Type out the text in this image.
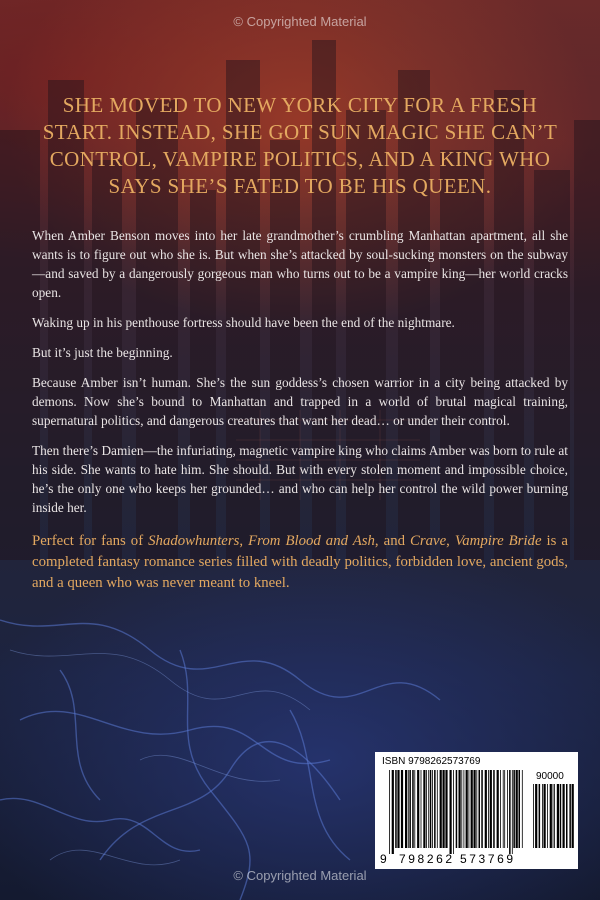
© Copyrighted Material
SHE MOVED TO NEW YORK CITY FOR A FRESH START. INSTEAD, SHE GOT SUN MAGIC SHE CAN’T CONTROL, VAMPIRE POLITICS, AND A KING WHO SAYS SHE’S FATED TO BE HIS QUEEN.

When Amber Benson moves into her late grandmother’s crumbling Manhattan apartment, all she wants is to figure out who she is. But when she’s attacked by soul-sucking monsters on the subway—and saved by a dangerously gorgeous man who turns out to be a vampire king—her world cracks open.

Waking up in his penthouse fortress should have been the end of the nightmare.

But it’s just the beginning.

Because Amber isn’t human. She’s the sun goddess’s chosen warrior in a city being attacked by demons. Now she’s bound to Manhattan and trapped in a world of brutal magical training, supernatural politics, and dangerous creatures that want her dead… or under their control.

Then there’s Damien—the infuriating, magnetic vampire king who claims Amber was born to rule at his side. She wants to hate him. She should. But with every stolen moment and impossible choice, he’s the only one who keeps her grounded… and who can help her control the wild power burning inside her.

Perfect for fans of Shadowhunters, From Blood and Ash, and Crave, Vampire Bride is a completed fantasy romance series filled with deadly politics, forbidden love, ancient gods, and a queen who was never meant to kneel.

ISBN 9798262573769
90000
9 798262 573769
© Copyrighted Material
